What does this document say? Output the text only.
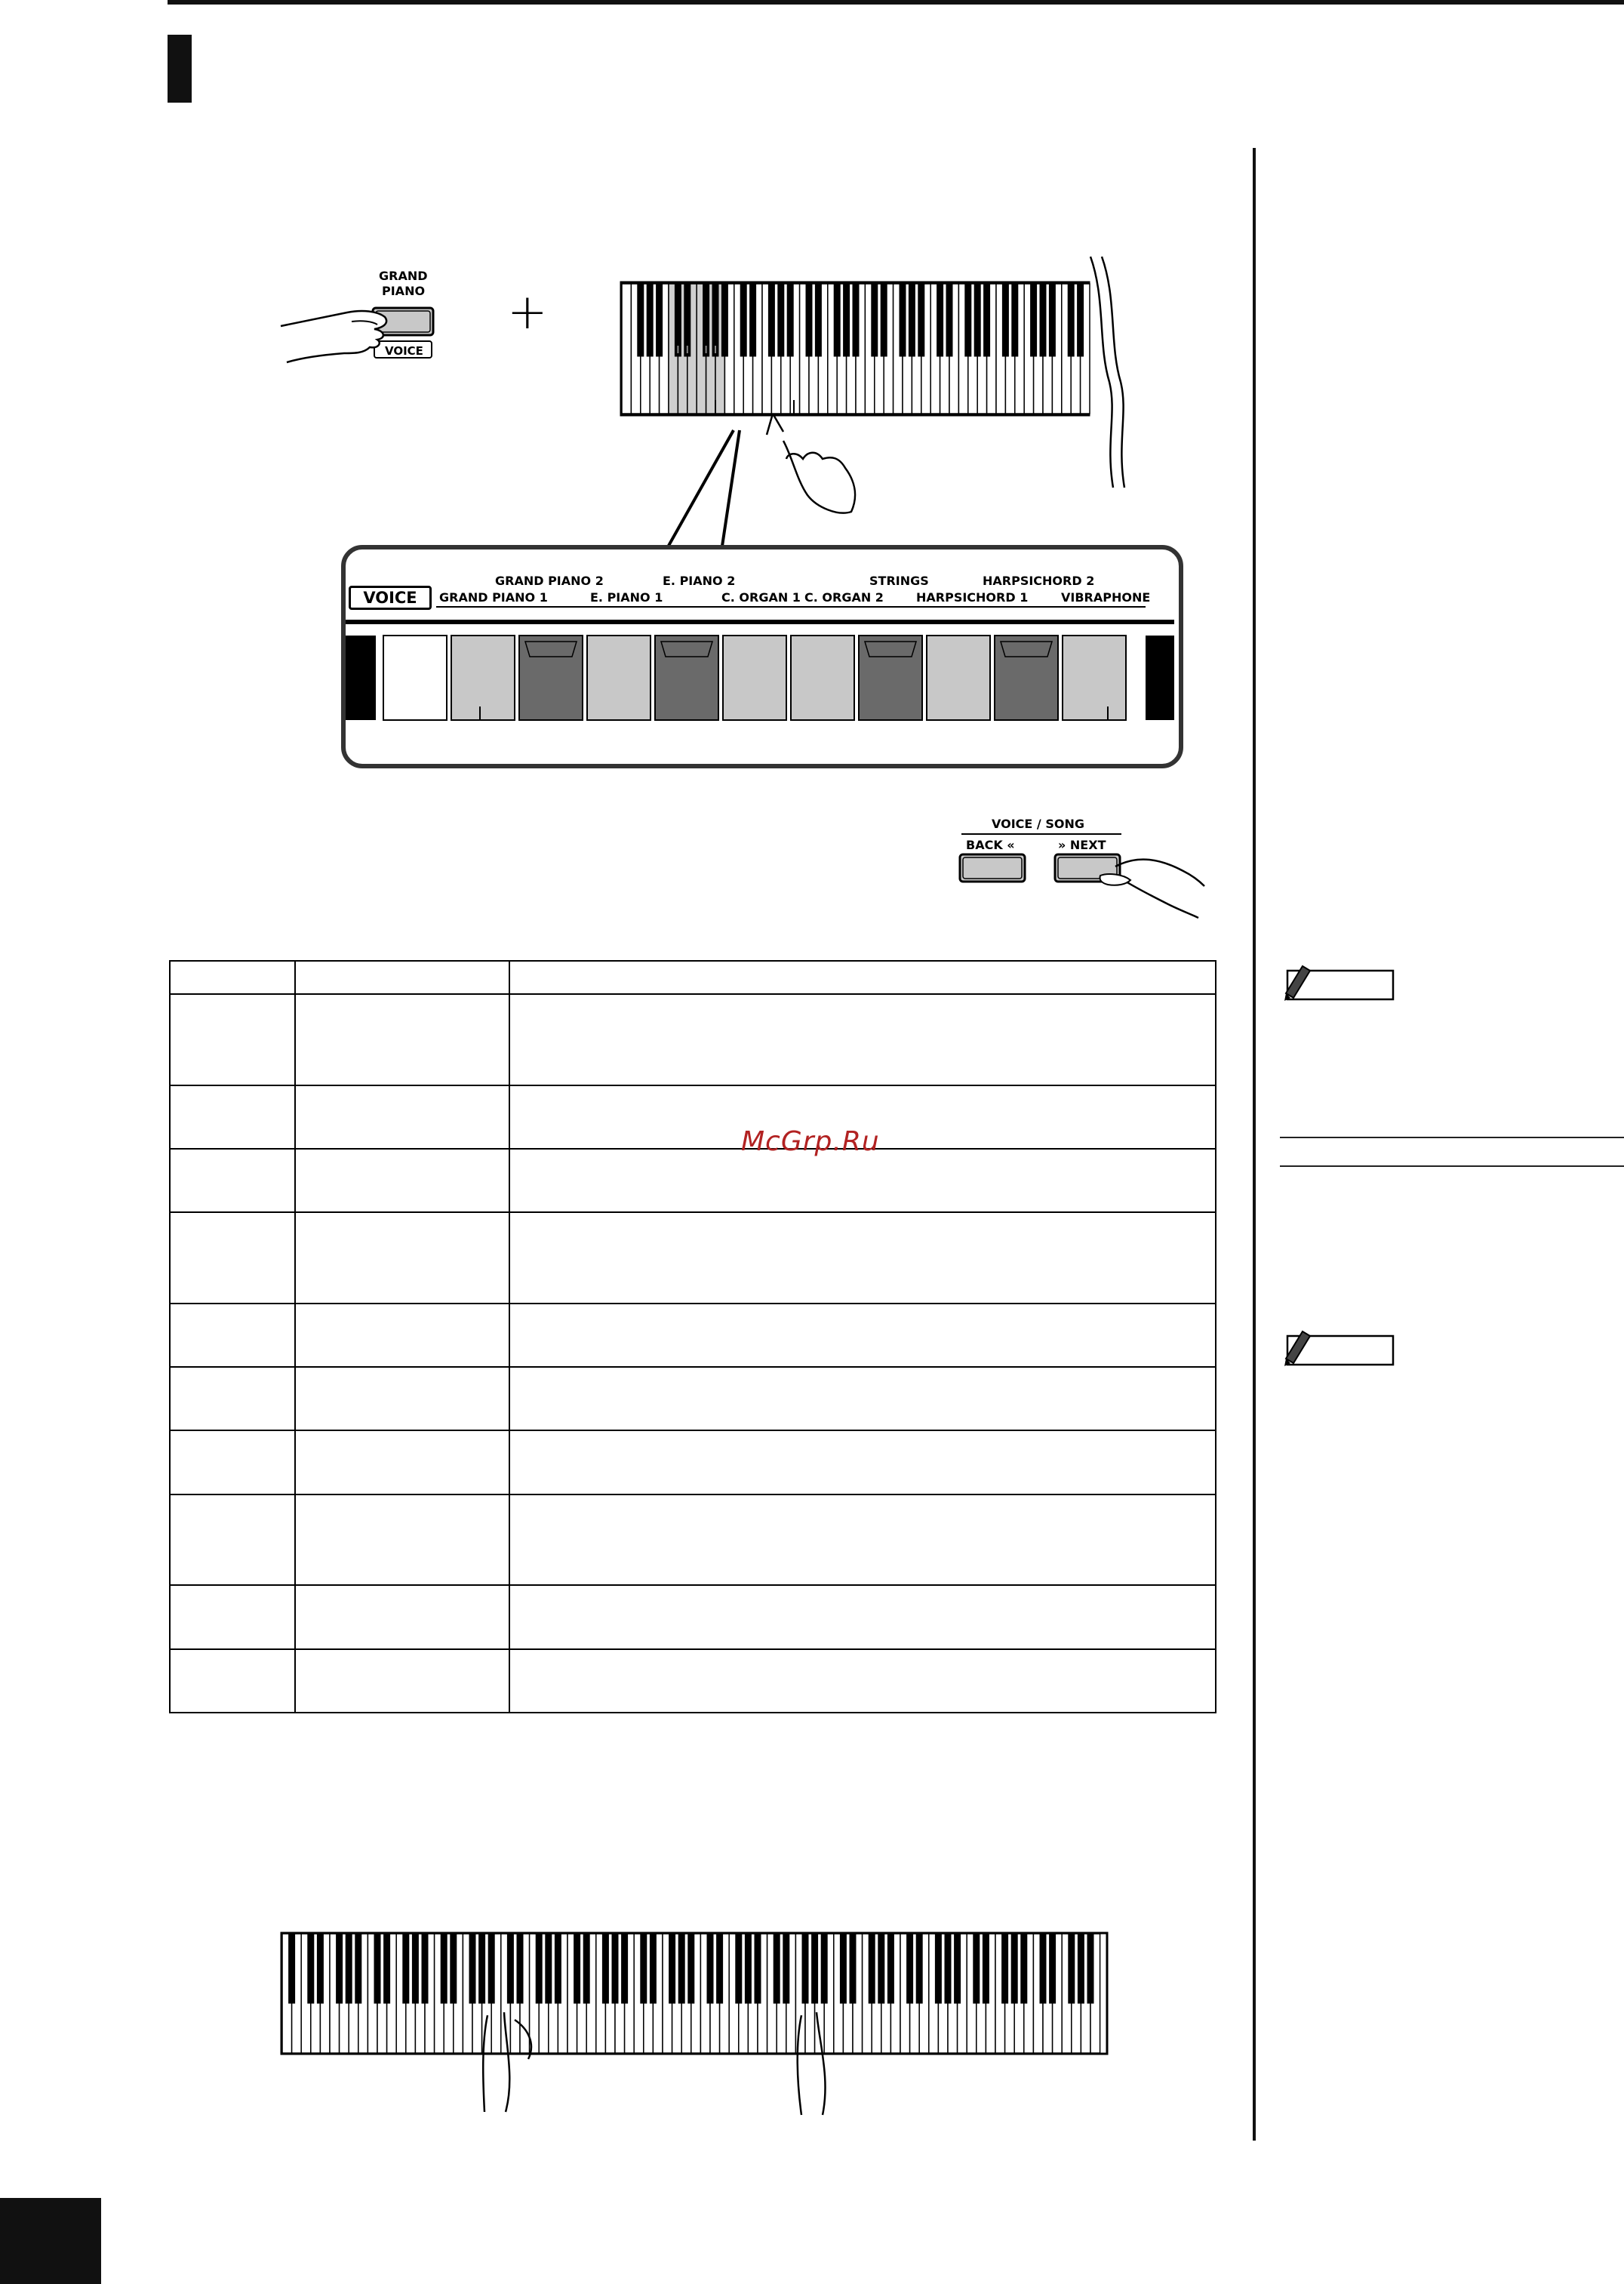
GRAND
PIANO
VOICE
+
GRAND PIANO 2	E. PIANO 2	STRINGS	HARPSICHORD 2
VOICE	GRAND PIANO 1	E. PIANO 1	C. ORGAN 1 C. ORGAN 2	HARPSICHORD 1	VIBRAPHONE
VOICE / SONG
BACK «	» NEXT

McGrp.Ru
